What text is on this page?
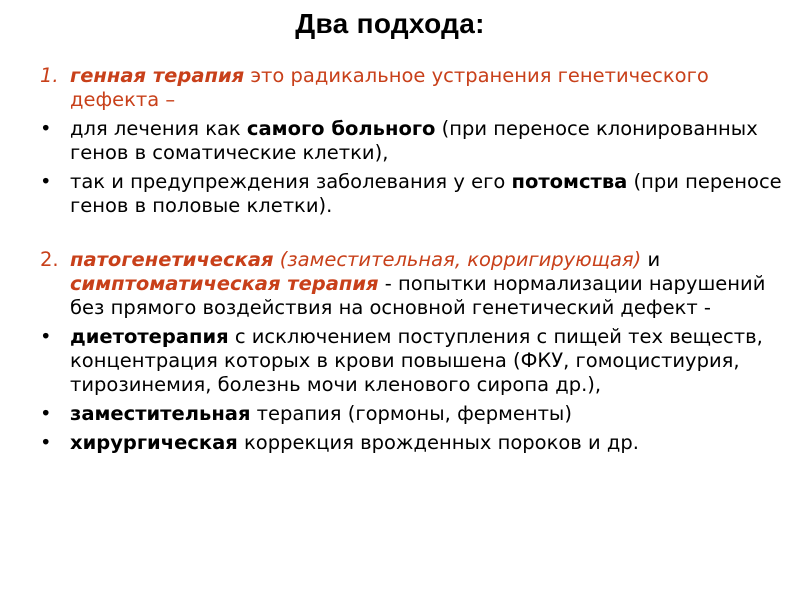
Два подхода:
1. генная терапия это радикальное устранения генетического дефекта –
• для лечения как самого больного (при переносе клонированных генов в соматические клетки),
• так и предупреждения заболевания у его потомства (при переносе генов в половые клетки).
2. патогенетическая (заместительная, корригирующая) и симптоматическая терапия - попытки нормализации нарушений без прямого воздействия на основной генетический дефект -
• диетотерапия с исключением поступления с пищей тех веществ, концентрация которых в крови повышена (ФКУ, гомоцистиурия, тирозинемия, болезнь мочи кленового сиропа др.),
• заместительная терапия (гормоны, ферменты)
• хирургическая коррекция врожденных пороков и др.
